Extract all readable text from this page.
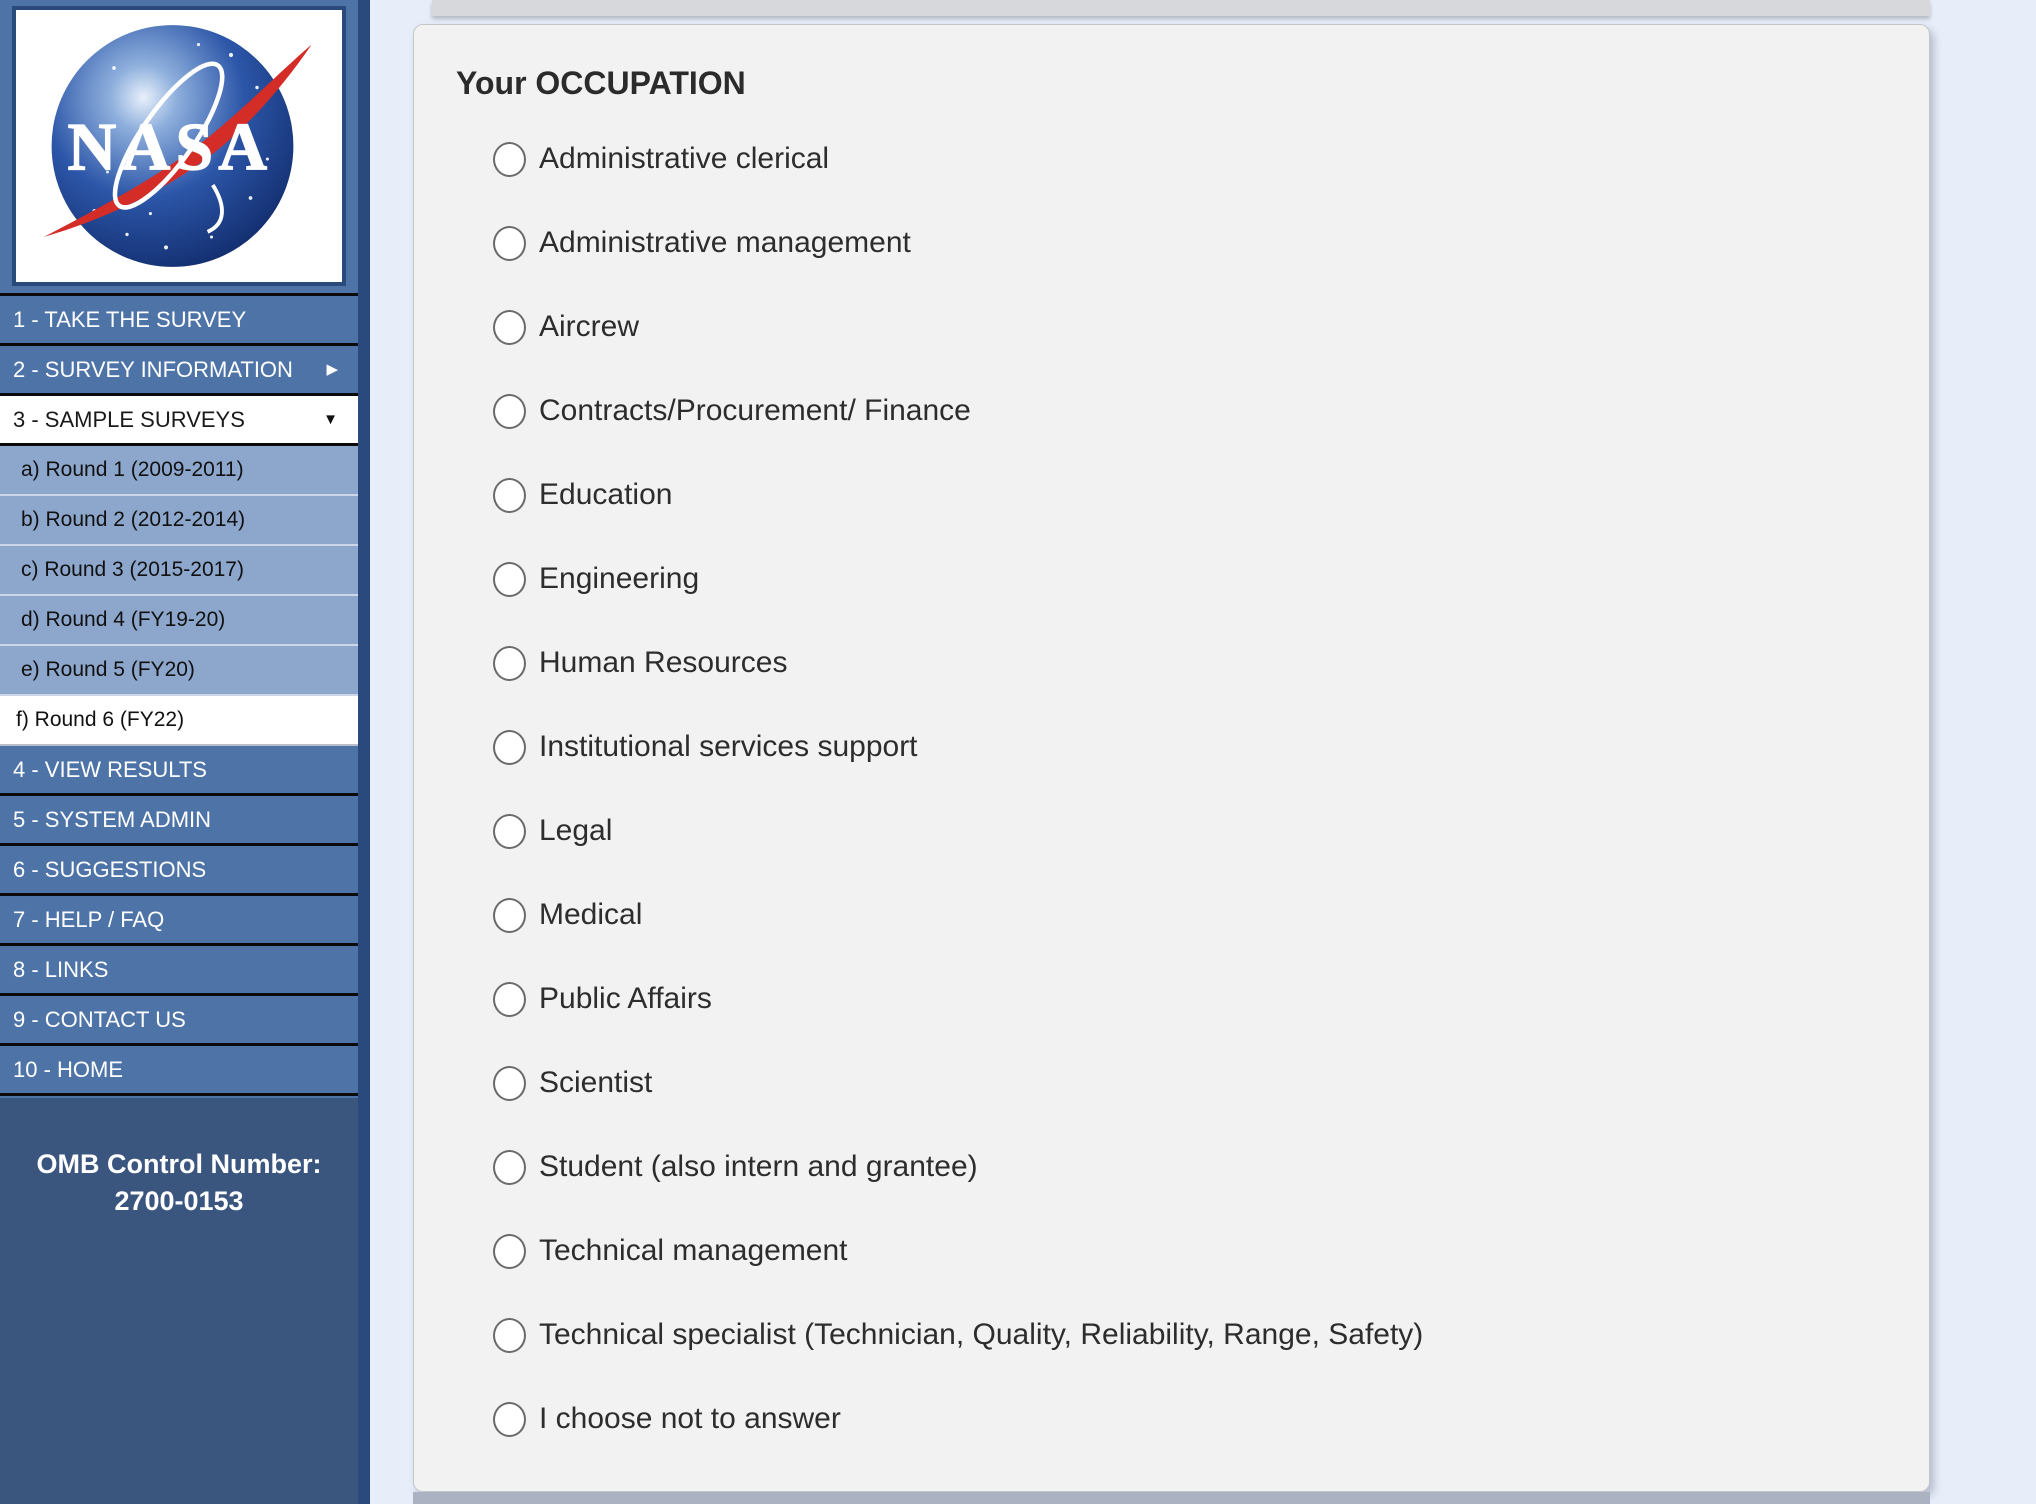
NASA
1 - TAKE THE SURVEY
2 - SURVEY INFORMATION ▶
3 - SAMPLE SURVEYS	▼
a) Round 1 (2009-2011)
b) Round 2 (2012-2014)
c) Round 3 (2015-2017)
d) Round 4 (FY19-20)
e) Round 5 (FY20)
f) Round 6 (FY22)
4 - VIEW RESULTS
5 - SYSTEM ADMIN
6 - SUGGESTIONS
7 - HELP / FAQ
8 - LINKS
9 - CONTACT US
10 - HOME
OMB Control Number:
2700-0153
Your OCCUPATION
Administrative clerical
Administrative management
Aircrew
Contracts/Procurement/ Finance
Education
Engineering
Human Resources
Institutional services support
Legal
Medical
Public Affairs
Scientist
Student (also intern and grantee)
Technical management
Technical specialist (Technician, Quality, Reliability, Range, Safety)
I choose not to answer
